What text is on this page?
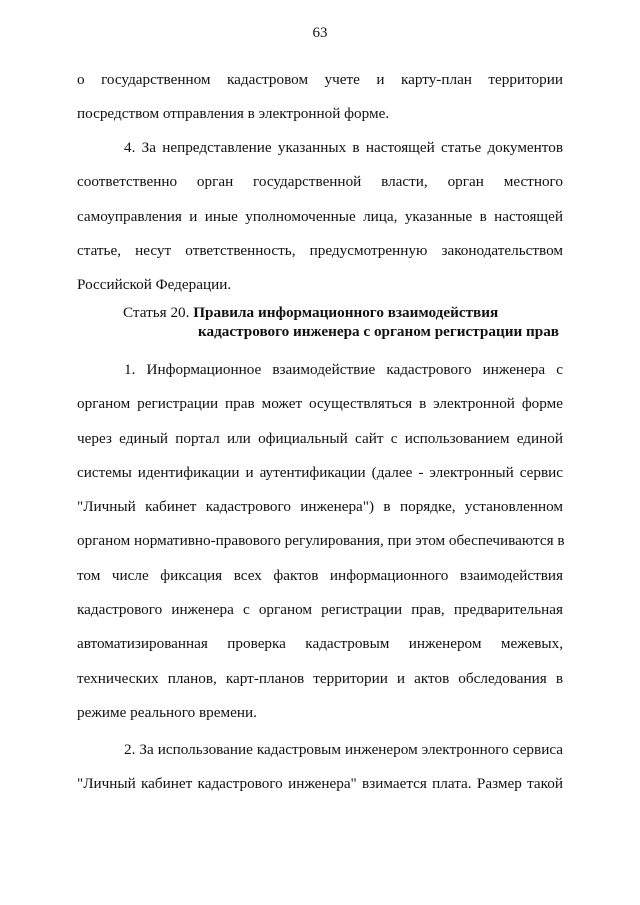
63
о государственном кадастровом учете и карту-план территории
посредством отправления в электронной форме.
4. За непредставление указанных в настоящей статье документов
соответственно орган государственной власти, орган местного
самоуправления и иные уполномоченные лица, указанные в настоящей
статье, несут ответственность, предусмотренную законодательством
Российской Федерации.
Статья 20. Правила информационного взаимодействия
кадастрового инженера с органом регистрации прав
1. Информационное взаимодействие кадастрового инженера с
органом регистрации прав может осуществляться в электронной форме
через единый портал или официальный сайт с использованием единой
системы идентификации и аутентификации (далее - электронный сервис
"Личный кабинет кадастрового инженера") в порядке, установленном
органом нормативно-правового регулирования, при этом обеспечиваются в
том числе фиксация всех фактов информационного взаимодействия
кадастрового инженера с органом регистрации прав, предварительная
автоматизированная проверка кадастровым инженером межевых,
технических планов, карт-планов территории и актов обследования в
режиме реального времени.
2. За использование кадастровым инженером электронного сервиса
"Личный кабинет кадастрового инженера" взимается плата. Размер такой
